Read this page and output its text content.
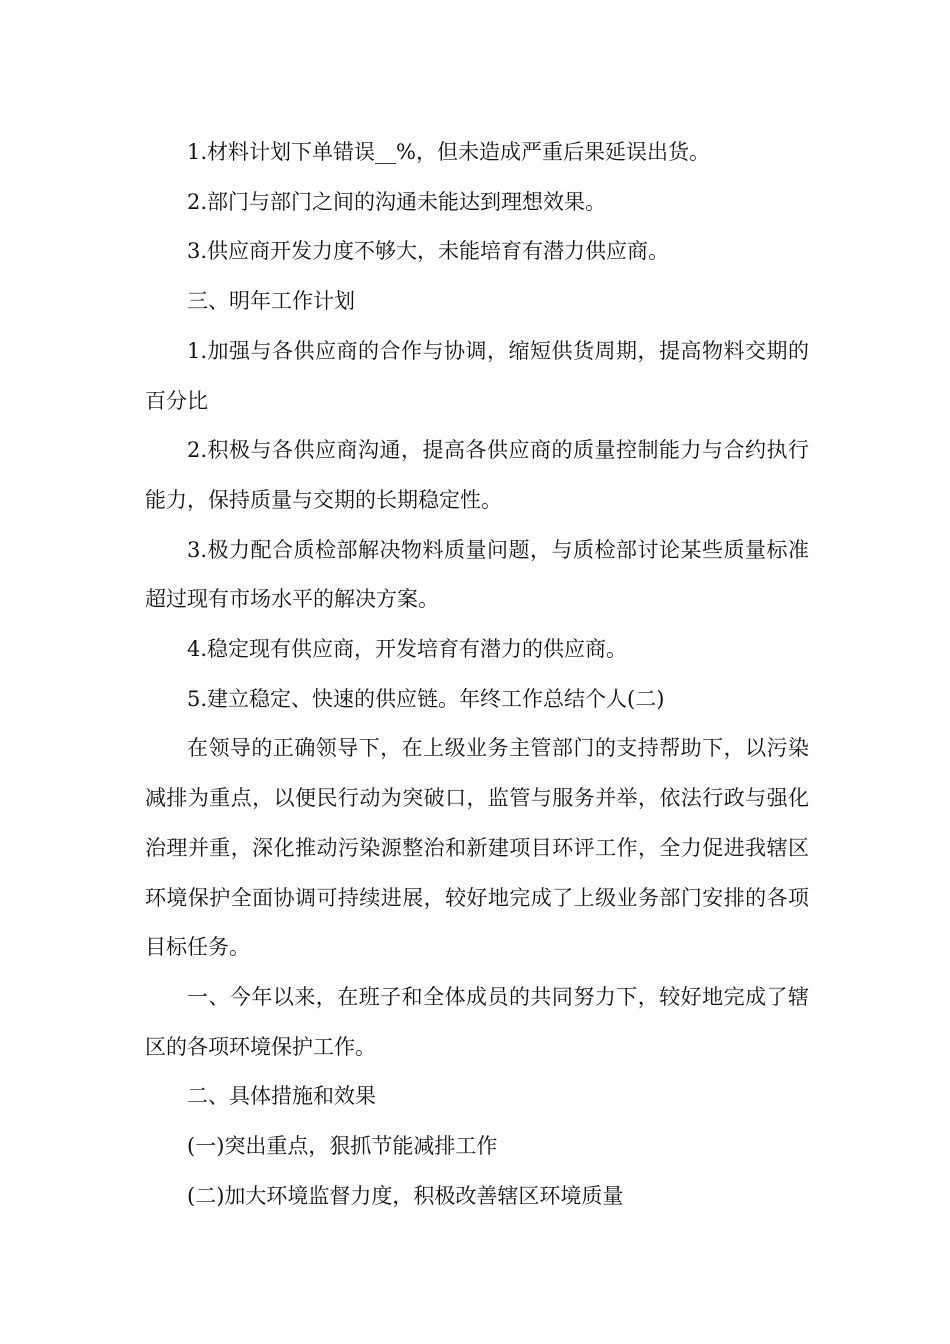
1.材料计划下单错误__%，但未造成严重后果延误出货。

2.部门与部门之间的沟通未能达到理想效果。

3.供应商开发力度不够大，未能培育有潜力供应商。

三、明年工作计划

1.加强与各供应商的合作与协调，缩短供货周期，提高物料交期的百分比

2.积极与各供应商沟通，提高各供应商的质量控制能力与合约执行能力，保持质量与交期的长期稳定性。

3.极力配合质检部解决物料质量问题，与质检部讨论某些质量标准超过现有市场水平的解决方案。

4.稳定现有供应商，开发培育有潜力的供应商。

5.建立稳定、快速的供应链。年终工作总结个人(二)

在领导的正确领导下，在上级业务主管部门的支持帮助下，以污染减排为重点，以便民行动为突破口，监管与服务并举，依法行政与强化治理并重，深化推动污染源整治和新建项目环评工作，全力促进我辖区环境保护全面协调可持续进展，较好地完成了上级业务部门安排的各项目标任务。

一、今年以来，在班子和全体成员的共同努力下，较好地完成了辖区的各项环境保护工作。

二、具体措施和效果

(一)突出重点，狠抓节能减排工作

(二)加大环境监督力度，积极改善辖区环境质量
